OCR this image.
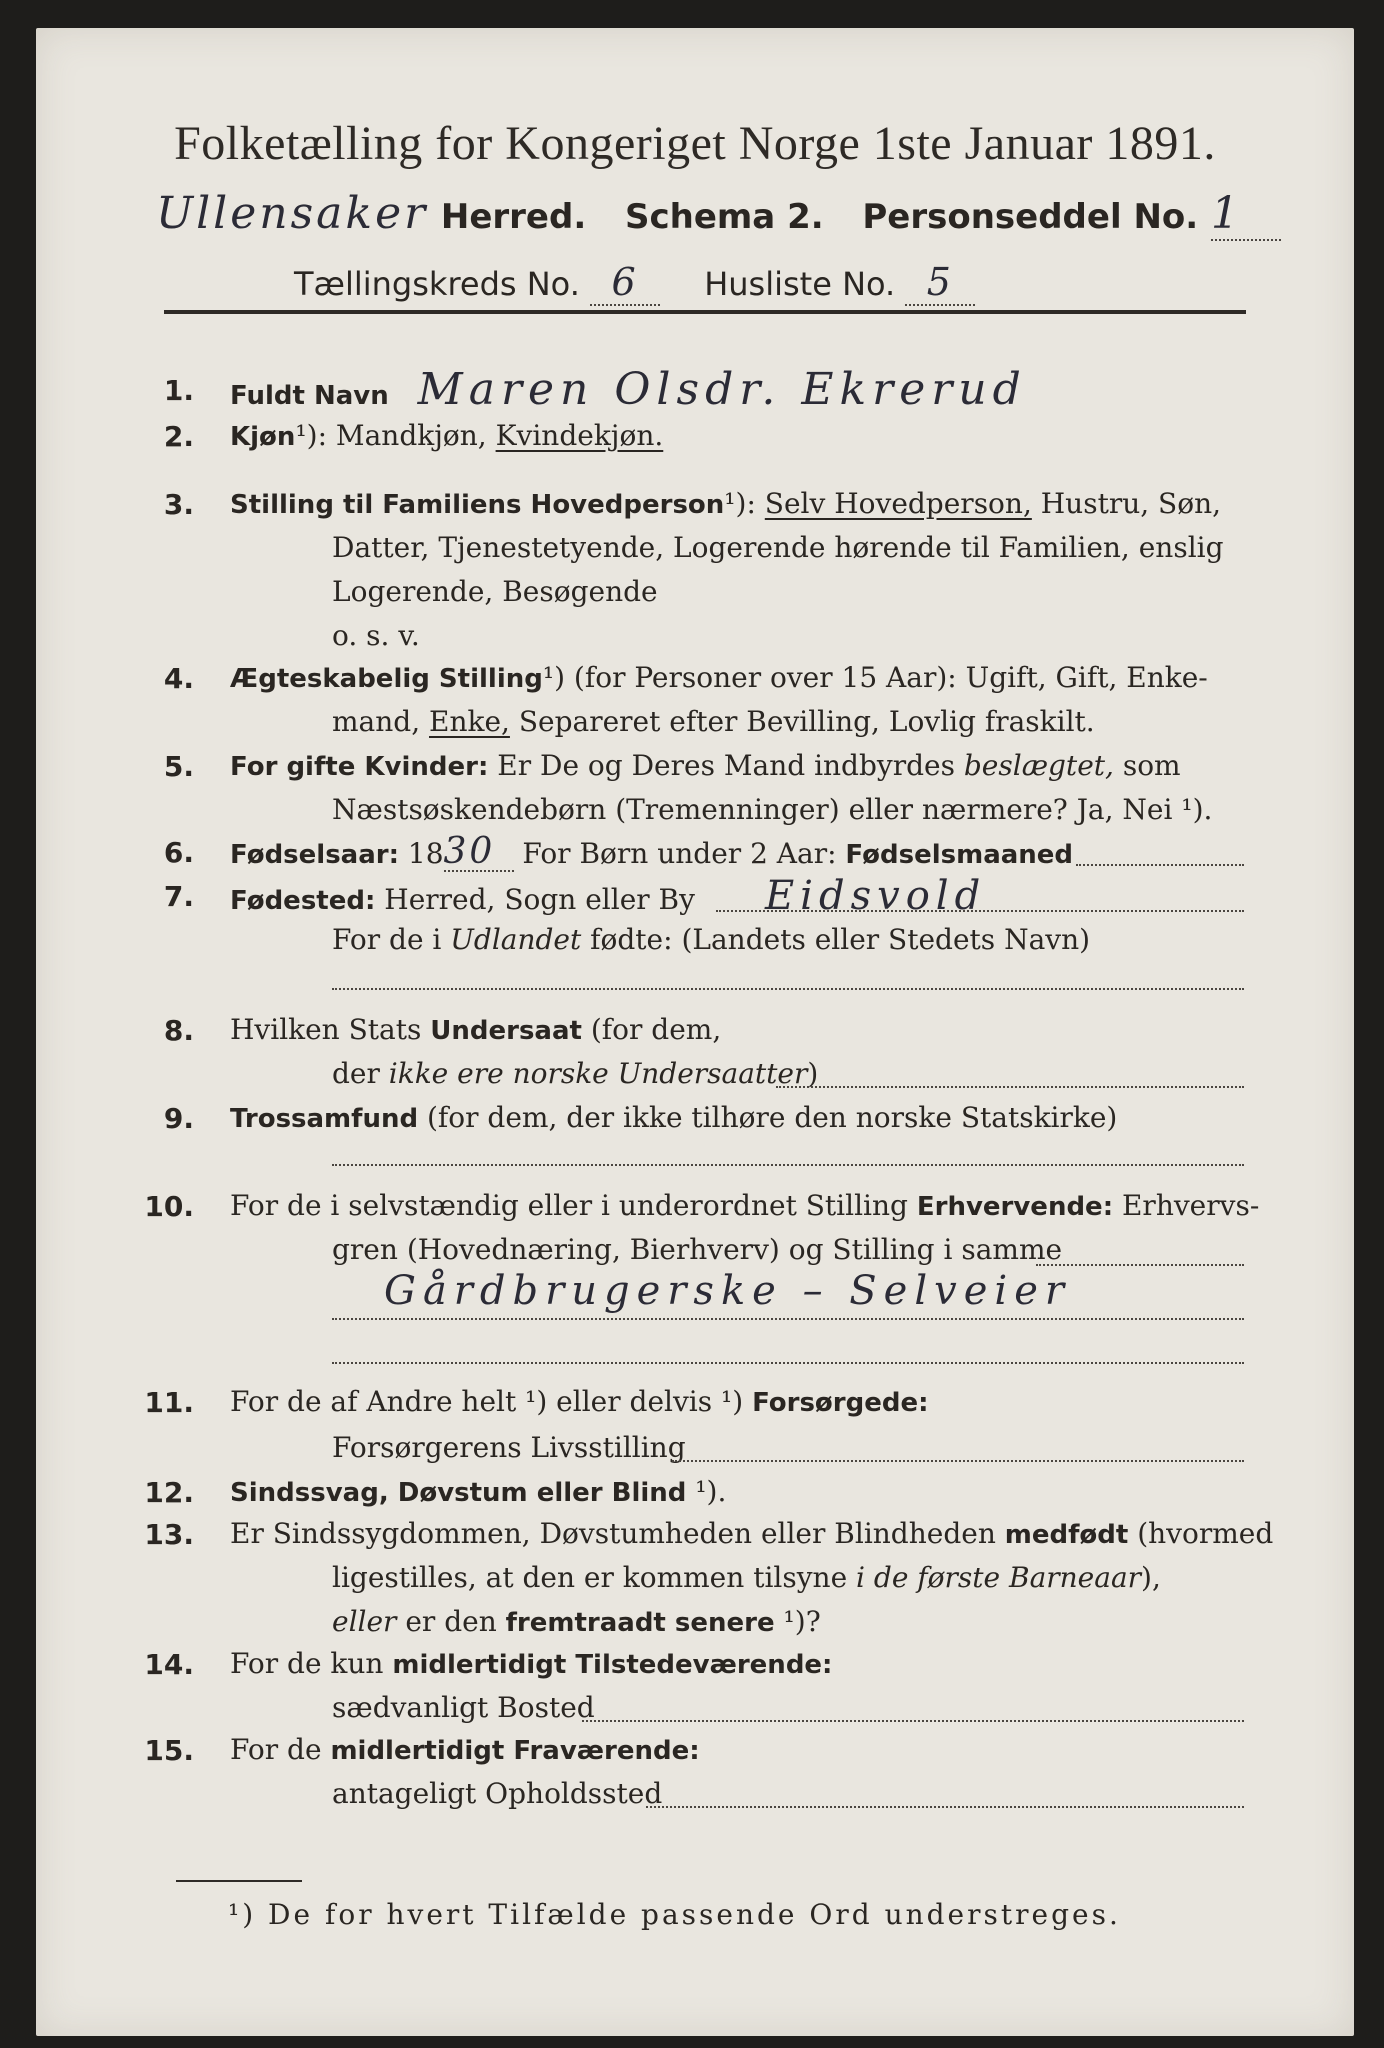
Folketælling for Kongeriget Norge 1ste Januar 1891.
Ullensaker Herred. Schema 2. Personseddel No. 1
Tællingskreds No. 6 Husliste No. 5
1. Fuldt Navn Maren Olsdr. Ekrerud
2. Kjøn¹): Mandkjøn, Kvindekjøn.
3. Stilling til Familiens Hovedperson¹): Selv Hovedperson, Hustru, Søn,
Datter, Tjenestetyende, Logerende hørende til Familien, enslig
Logerende, Besøgende
o. s. v.
4. Ægteskabelig Stilling¹) (for Personer over 15 Aar): Ugift, Gift, Enke-
mand, Enke, Separeret efter Bevilling, Lovlig fraskilt.
5. For gifte Kvinder: Er De og Deres Mand indbyrdes beslægtet, som
Næstsøskendebørn (Tremenninger) eller nærmere? Ja, Nei ¹).
6. Fødselsaar: 1830 For Børn under 2 Aar: Fødselsmaaned
7. Fødested: Herred, Sogn eller By Eidsvold
For de i Udlandet fødte: (Landets eller Stedets Navn)
8. Hvilken Stats Undersaat (for dem,
der ikke ere norske Undersaatter)
9. Trossamfund (for dem, der ikke tilhøre den norske Statskirke)
10. For de i selvstændig eller i underordnet Stilling Erhvervende: Erhvervs-
gren (Hovednæring, Bierhverv) og Stilling i samme
Gårdbrugerske – Selveier
11. For de af Andre helt ¹) eller delvis ¹) Forsørgede:
Forsørgerens Livsstilling
12. Sindssvag, Døvstum eller Blind ¹).
13. Er Sindssygdommen, Døvstumheden eller Blindheden medfødt (hvormed
ligestilles, at den er kommen tilsyne i de første Barneaar),
eller er den fremtraadt senere ¹)?
14. For de kun midlertidigt Tilstedeværende:
sædvanligt Bosted
15. For de midlertidigt Fraværende:
antageligt Opholdssted
¹) De for hvert Tilfælde passende Ord understreges.
